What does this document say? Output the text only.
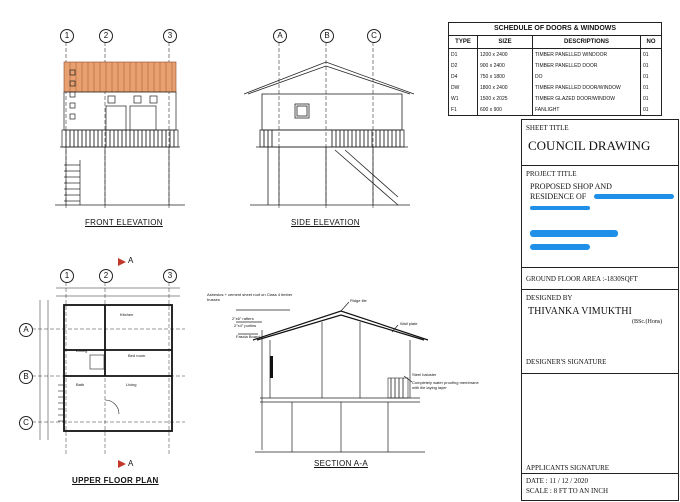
1	2	3
FRONT ELEVATION
A	B	C
SIDE ELEVATION
1	2	3
A
B
C
A
A
Kitchen
Dining
Bed room
Living
Bath
UPPER FLOOR PLAN
Asbestos + cement sheet roof on Class 4 timber trusses	Ridge tile
Wall plate
2"x6" rafters
2"x4" purlins
Fascia Board
Steel baluster
Completely water proofing membrane with tile laying layer
SECTION A-A
SCHEDULE OF DOORS & WINDOWS
TYPE	SIZE	DESCRIPTIONS	NO
D1	1200 x 2400	TIMBER PANELLED WINDOOR	01
D2	900 x 2400	TIMBER PANELLED DOOR	01
D4	750 x 1800	DO	01
DW	1800 x 2400	TIMBER PANELLED DOOR/WINDOW	01
W1	1500 x 2025	TIMBER GLAZED DOOR/WINDOW	01
F1	600 x 900	FANLIGHT	01
SHEET TITLE
COUNCIL DRAWING
PROJECT TITLE
PROPOSED SHOP AND RESIDENCE OF
GROUND FLOOR AREA :-1830SQFT
DESIGNED BY
THIVANKA VIMUKTHI
(BSc.(Hons)
DESIGNER'S SIGNATURE
APPLICANTS SIGNATURE
DATE : 11 / 12 / 2020
SCALE : 8 FT TO AN INCH
